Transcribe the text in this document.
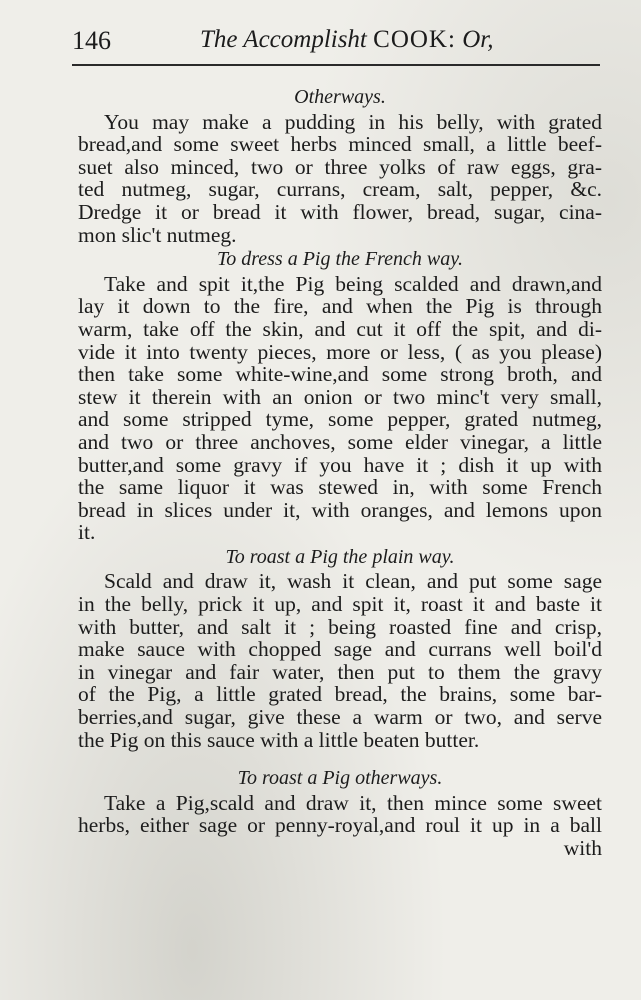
146	The Accomplisht COOK: Or,
Otherways.
You may make a pudding in his belly, with grated
bread,and some sweet herbs minced small, a little beef-
suet also minced, two or three yolks of raw eggs, gra-
ted nutmeg, sugar, currans, cream, salt, pepper, &c.
Dredge it or bread it with flower, bread, sugar, cina-
mon slic't nutmeg.
To dress a Pig the French way.
Take and spit it,the Pig being scalded and drawn,and
lay it down to the fire, and when the Pig is through
warm, take off the skin, and cut it off the spit, and di-
vide it into twenty pieces, more or less, ( as you please)
then take some white-wine,and some strong broth, and
stew it therein with an onion or two minc't very small,
and some stripped tyme, some pepper, grated nutmeg,
and two or three anchoves, some elder vinegar, a little
butter,and some gravy if you have it ; dish it up with
the same liquor it was stewed in, with some French
bread in slices under it, with oranges, and lemons upon
it.
To roast a Pig the plain way.
Scald and draw it, wash it clean, and put some sage
in the belly, prick it up, and spit it, roast it and baste it
with butter, and salt it ; being roasted fine and crisp,
make sauce with chopped sage and currans well boil'd
in vinegar and fair water, then put to them the gravy
of the Pig, a little grated bread, the brains, some bar-
berries,and sugar, give these a warm or two, and serve
the Pig on this sauce with a little beaten butter.
To roast a Pig otherways.
Take a Pig,scald and draw it, then mince some sweet
herbs, either sage or penny-royal,and roul it up in a ball
with
